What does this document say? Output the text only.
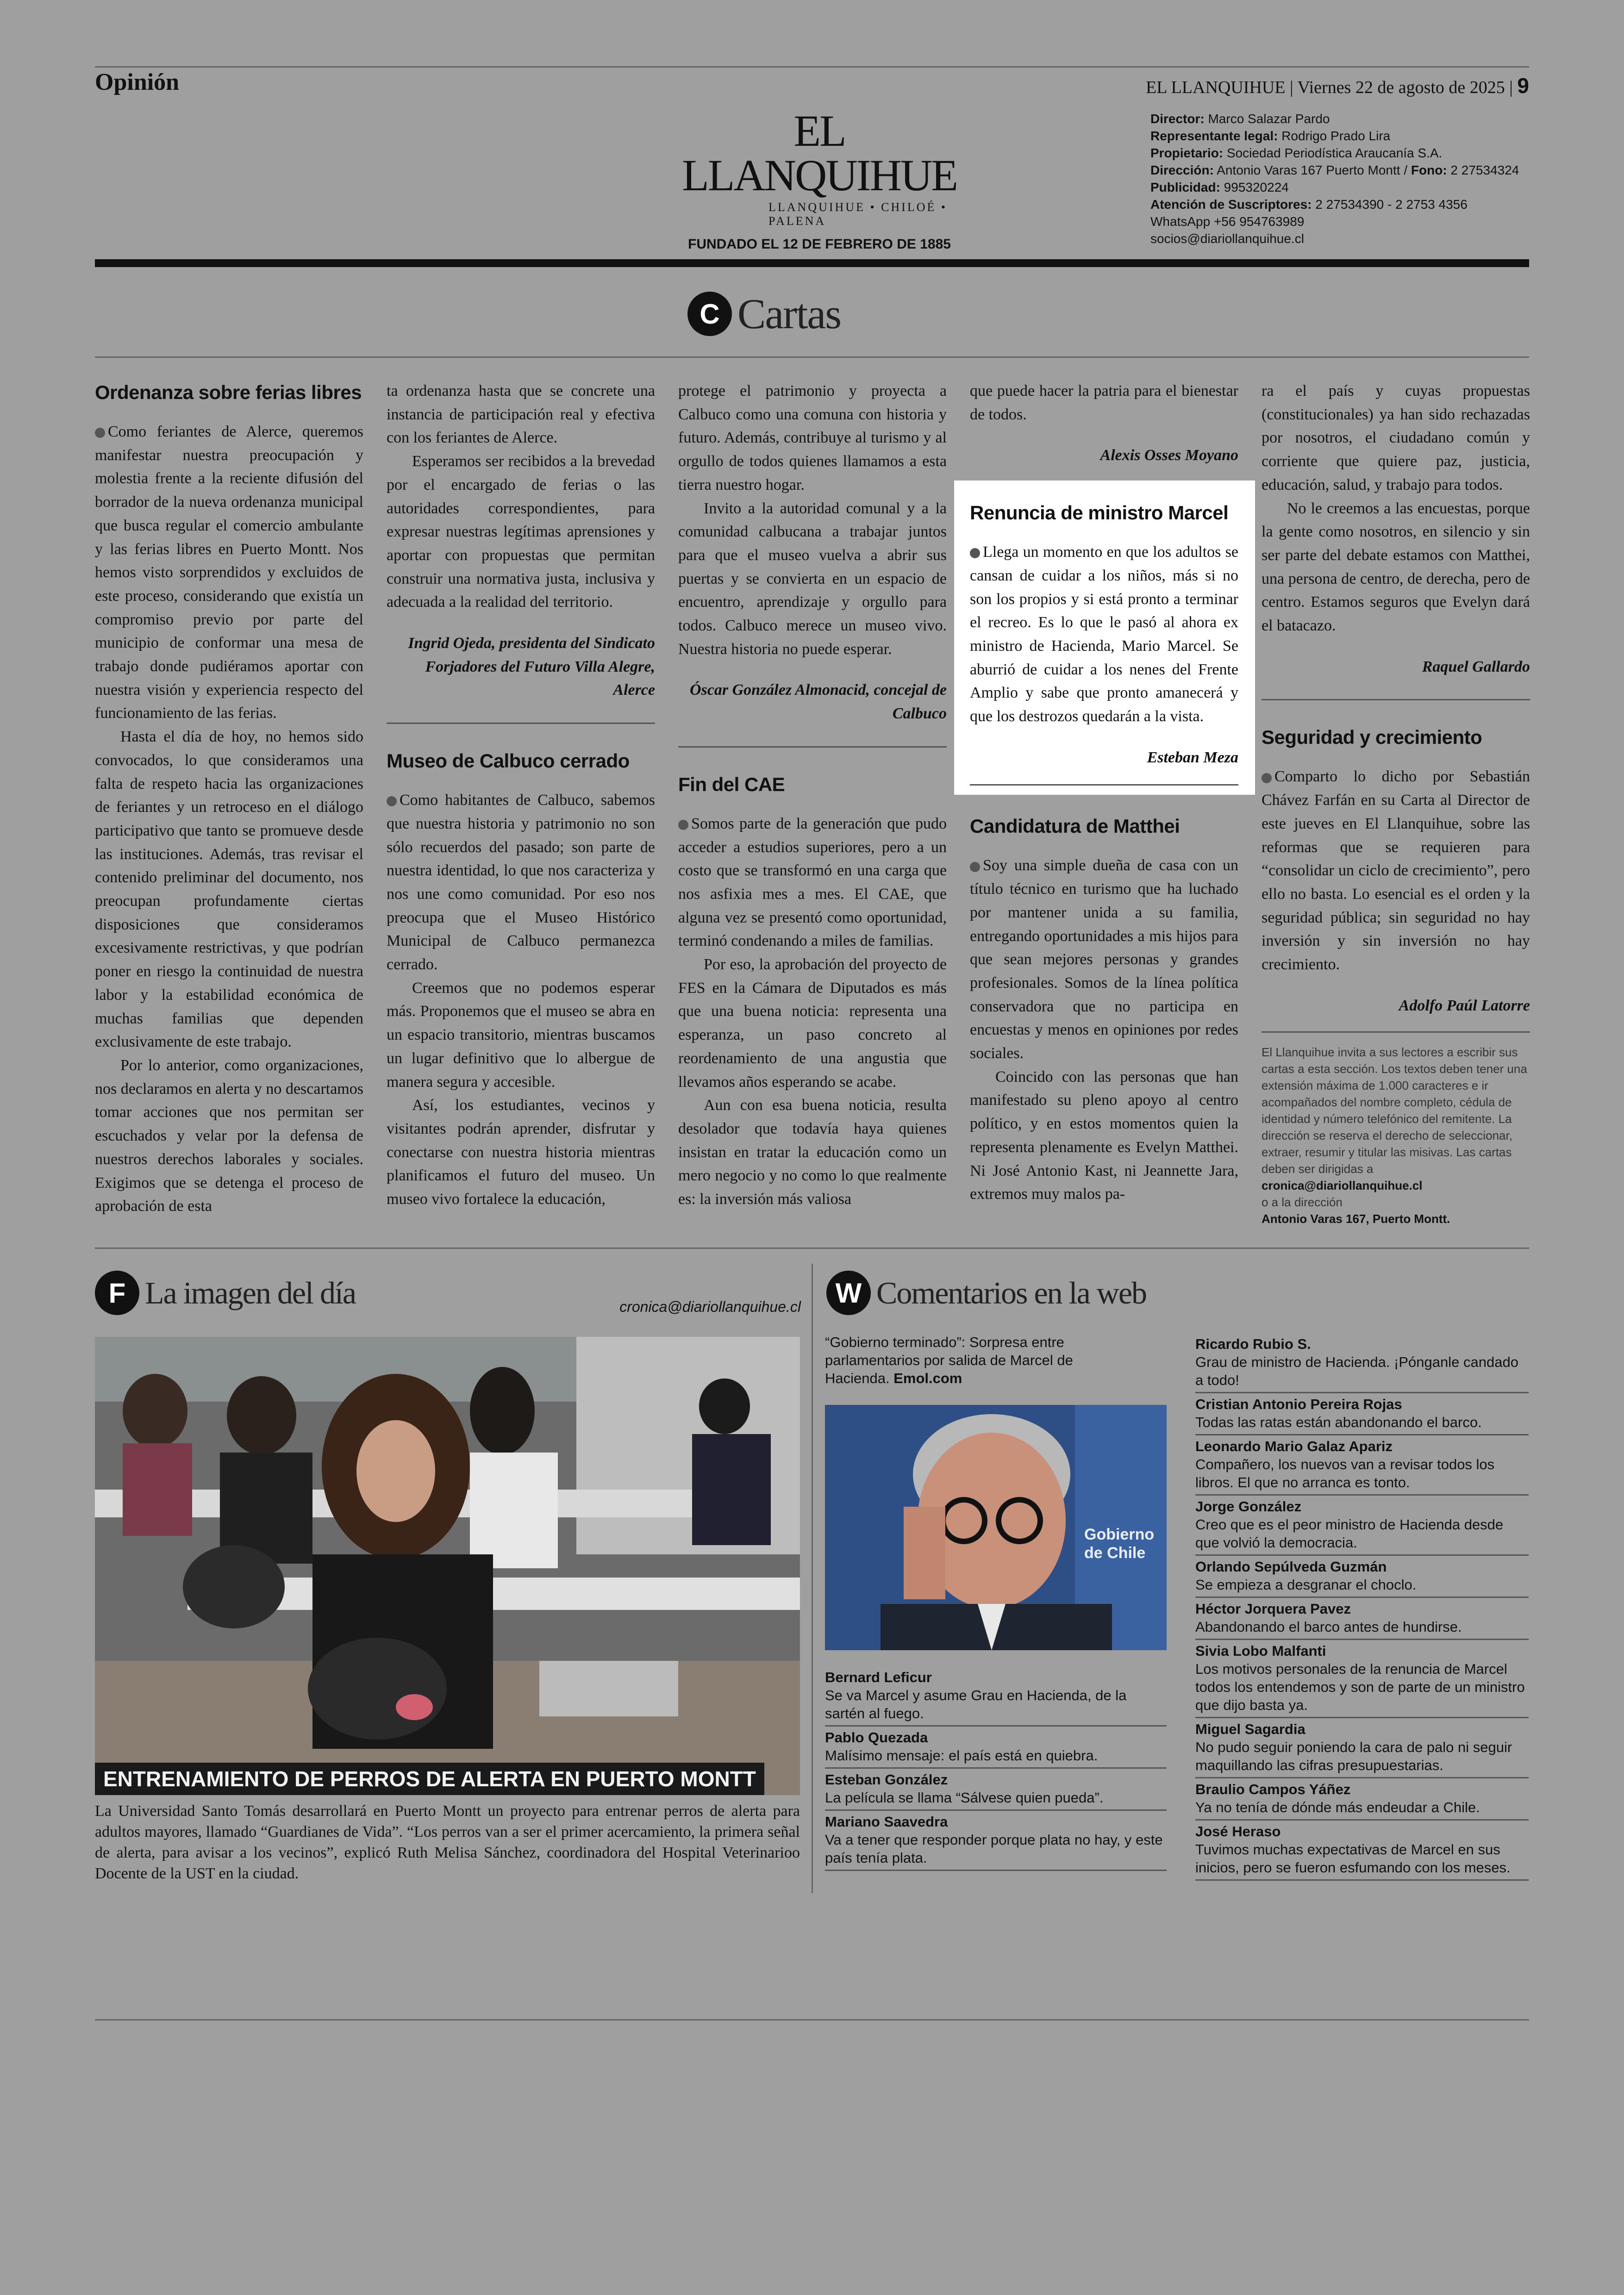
Opinión	EL LLANQUIHUE | Viernes 22 de agosto de 2025 | 9
EL LLANQUIHUE
LLANQUIHUE • CHILOÉ • PALENA
FUNDADO EL 12 DE FEBRERO DE 1885
Director: Marco Salazar Pardo
Representante legal: Rodrigo Prado Lira
Propietario: Sociedad Periodística Araucanía S.A.
Dirección: Antonio Varas 167 Puerto Montt / Fono: 2 27534324
Publicidad: 995320224
Atención de Suscriptores: 2 27534390 - 2 2753 4356
WhatsApp +56 954763989
socios@diariollanquihue.cl
C Cartas
Ordenanza sobre ferias libres

Como feriantes de Alerce, queremos manifestar nuestra preocupación y molestia frente a la reciente difusión del borrador de la nueva ordenanza municipal que busca regular el comercio ambulante y las ferias libres en Puerto Montt. Nos hemos visto sorprendidos y excluidos de este proceso, considerando que existía un compromiso previo por parte del municipio de conformar una mesa de trabajo donde pudiéramos aportar con nuestra visión y experiencia respecto del funcionamiento de las ferias.

Hasta el día de hoy, no hemos sido convocados, lo que consideramos una falta de respeto hacia las organizaciones de feriantes y un retroceso en el diálogo participativo que tanto se promueve desde las instituciones. Además, tras revisar el contenido preliminar del documento, nos preocupan profundamente ciertas disposiciones que consideramos excesivamente restrictivas, y que podrían poner en riesgo la continuidad de nuestra labor y la estabilidad económica de muchas familias que dependen exclusivamente de este trabajo.

Por lo anterior, como organizaciones, nos declaramos en alerta y no descartamos tomar acciones que nos permitan ser escuchados y velar por la defensa de nuestros derechos laborales y sociales. Exigimos que se detenga el proceso de aprobación de esta

ta ordenanza hasta que se concrete una instancia de participación real y efectiva con los feriantes de Alerce.

Esperamos ser recibidos a la brevedad por el encargado de ferias o las autoridades correspondientes, para expresar nuestras legítimas aprensiones y aportar con propuestas que permitan construir una normativa justa, inclusiva y adecuada a la realidad del territorio.

Ingrid Ojeda, presidenta del Sindicato Forjadores del Futuro Villa Alegre, Alerce

Museo de Calbuco cerrado

Como habitantes de Calbuco, sabemos que nuestra historia y patrimonio no son sólo recuerdos del pasado; son parte de nuestra identidad, lo que nos caracteriza y nos une como comunidad. Por eso nos preocupa que el Museo Histórico Municipal de Calbuco permanezca cerrado.

Creemos que no podemos esperar más. Proponemos que el museo se abra en un espacio transitorio, mientras buscamos un lugar definitivo que lo albergue de manera segura y accesible.

Así, los estudiantes, vecinos y visitantes podrán aprender, disfrutar y conectarse con nuestra historia mientras planificamos el futuro del museo. Un museo vivo fortalece la educación,

protege el patrimonio y proyecta a Calbuco como una comuna con historia y futuro. Además, contribuye al turismo y al orgullo de todos quienes llamamos a esta tierra nuestro hogar.

Invito a la autoridad comunal y a la comunidad calbucana a trabajar juntos para que el museo vuelva a abrir sus puertas y se convierta en un espacio de encuentro, aprendizaje y orgullo para todos. Calbuco merece un museo vivo. Nuestra historia no puede esperar.

Óscar González Almonacid, concejal de Calbuco

Fin del CAE

Somos parte de la generación que pudo acceder a estudios superiores, pero a un costo que se transformó en una carga que nos asfixia mes a mes. El CAE, que alguna vez se presentó como oportunidad, terminó condenando a miles de familias.

Por eso, la aprobación del proyecto de FES en la Cámara de Diputados es más que una buena noticia: representa una esperanza, un paso concreto al reordenamiento de una angustia que llevamos años esperando se acabe.

Aun con esa buena noticia, resulta desolador que todavía haya quienes insistan en tratar la educación como un mero negocio y no como lo que realmente es: la inversión más valiosa

que puede hacer la patria para el bienestar de todos.

Alexis Osses Moyano

Renuncia de ministro Marcel

Llega un momento en que los adultos se cansan de cuidar a los niños, más si no son los propios y si está pronto a terminar el recreo. Es lo que le pasó al ahora ex ministro de Hacienda, Mario Marcel. Se aburrió de cuidar a los nenes del Frente Amplio y sabe que pronto amanecerá y que los destrozos quedarán a la vista.

Esteban Meza

Candidatura de Matthei

Soy una simple dueña de casa con un título técnico en turismo que ha luchado por mantener unida a su familia, entregando oportunidades a mis hijos para que sean mejores personas y grandes profesionales. Somos de la línea política conservadora que no participa en encuestas y menos en opiniones por redes sociales.

Coincido con las personas que han manifestado su pleno apoyo al centro político, y en estos momentos quien la representa plenamente es Evelyn Matthei. Ni José Antonio Kast, ni Jeannette Jara, extremos muy malos pa-

ra el país y cuyas propuestas (constitucionales) ya han sido rechazadas por nosotros, el ciudadano común y corriente que quiere paz, justicia, educación, salud, y trabajo para todos.

No le creemos a las encuestas, porque la gente como nosotros, en silencio y sin ser parte del debate estamos con Matthei, una persona de centro, de derecha, pero de centro. Estamos seguros que Evelyn dará el batacazo.

Raquel Gallardo

Seguridad y crecimiento

Comparto lo dicho por Sebastián Chávez Farfán en su Carta al Director de este jueves en El Llanquihue, sobre las reformas que se requieren para “consolidar un ciclo de crecimiento”, pero ello no basta. Lo esencial es el orden y la seguridad pública; sin seguridad no hay inversión y sin inversión no hay crecimiento.

Adolfo Paúl Latorre

El Llanquihue invita a sus lectores a escribir sus cartas a esta sección. Los textos deben tener una extensión máxima de 1.000 caracteres e ir acompañados del nombre completo, cédula de identidad y número telefónico del remitente. La dirección se reserva el derecho de seleccionar, extraer, resumir y titular las misivas. Las cartas deben ser dirigidas a
cronica@diariollanquihue.cl
o a la dirección
Antonio Varas 167, Puerto Montt.
F La imagen del día	cronica@diariollanquihue.cl
ENTRENAMIENTO DE PERROS DE ALERTA EN PUERTO MONTT
La Universidad Santo Tomás desarrollará en Puerto Montt un proyecto para entrenar perros de alerta para adultos mayores, llamado “Guardianes de Vida”. “Los perros van a ser el primer acercamiento, la primera señal de alerta, para avisar a los vecinos”, explicó Ruth Melisa Sánchez, coordinadora del Hospital Veterinarioo Docente de la UST en la ciudad.
W Comentarios en la web
“Gobierno terminado”: Sorpresa entre parlamentarios por salida de Marcel de Hacienda. Emol.com
Gobierno de Chile
Bernard Leficur
Se va Marcel y asume Grau en Hacienda, de la sartén al fuego.
Pablo Quezada
Malísimo mensaje: el país está en quiebra.
Esteban González
La película se llama “Sálvese quien pueda”.
Mariano Saavedra
Va a tener que responder porque plata no hay, y este país tenía plata.
Ricardo Rubio S.
Grau de ministro de Hacienda. ¡Pónganle candado a todo!
Cristian Antonio Pereira Rojas
Todas las ratas están abandonando el barco.
Leonardo Mario Galaz Apariz
Compañero, los nuevos van a revisar todos los libros. El que no arranca es tonto.
Jorge González
Creo que es el peor ministro de Hacienda desde que volvió la democracia.
Orlando Sepúlveda Guzmán
Se empieza a desgranar el choclo.
Héctor Jorquera Pavez
Abandonando el barco antes de hundirse.
Sivia Lobo Malfanti
Los motivos personales de la renuncia de Marcel todos los entendemos y son de parte de un ministro que dijo basta ya.
Miguel Sagardia
No pudo seguir poniendo la cara de palo ni seguir maquillando las cifras presupuestarias.
Braulio Campos Yáñez
Ya no tenía de dónde más endeudar a Chile.
José Heraso
Tuvimos muchas expectativas de Marcel en sus inicios, pero se fueron esfumando con los meses.
